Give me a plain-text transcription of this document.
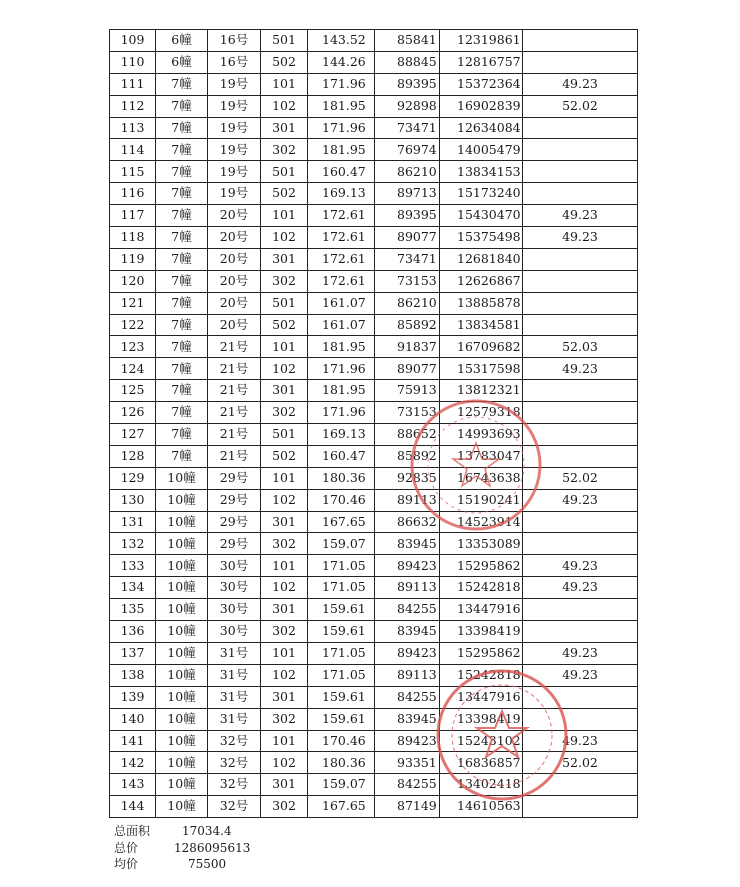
109	6幢	16号	501	143.52	85841	12319861	
110	6幢	16号	502	144.26	88845	12816757	
111	7幢	19号	101	171.96	89395	15372364	49.23
112	7幢	19号	102	181.95	92898	16902839	52.02
113	7幢	19号	301	171.96	73471	12634084	
114	7幢	19号	302	181.95	76974	14005479	
115	7幢	19号	501	160.47	86210	13834153	
116	7幢	19号	502	169.13	89713	15173240	
117	7幢	20号	101	172.61	89395	15430470	49.23
118	7幢	20号	102	172.61	89077	15375498	49.23
119	7幢	20号	301	172.61	73471	12681840	
120	7幢	20号	302	172.61	73153	12626867	
121	7幢	20号	501	161.07	86210	13885878	
122	7幢	20号	502	161.07	85892	13834581	
123	7幢	21号	101	181.95	91837	16709682	52.03
124	7幢	21号	102	171.96	89077	15317598	49.23
125	7幢	21号	301	181.95	75913	13812321	
126	7幢	21号	302	171.96	73153	12579318	
127	7幢	21号	501	169.13	88652	14993693	
128	7幢	21号	502	160.47	85892	13783047	
129	10幢	29号	101	180.36	92835	16743638	52.02
130	10幢	29号	102	170.46	89113	15190241	49.23
131	10幢	29号	301	167.65	86632	14523914	
132	10幢	29号	302	159.07	83945	13353089	
133	10幢	30号	101	171.05	89423	15295862	49.23
134	10幢	30号	102	171.05	89113	15242818	49.23
135	10幢	30号	301	159.61	84255	13447916	
136	10幢	30号	302	159.61	83945	13398419	
137	10幢	31号	101	171.05	89423	15295862	49.23
138	10幢	31号	102	171.05	89113	15242818	49.23
139	10幢	31号	301	159.61	84255	13447916	
140	10幢	31号	302	159.61	83945	13398419	
141	10幢	32号	101	170.46	89423	15243102	49.23
142	10幢	32号	102	180.36	93351	16836857	52.02
143	10幢	32号	301	159.07	84255	13402418	
144	10幢	32号	302	167.65	87149	14610563	
总面积	17034.4
总价	1286095613
均价	75500
